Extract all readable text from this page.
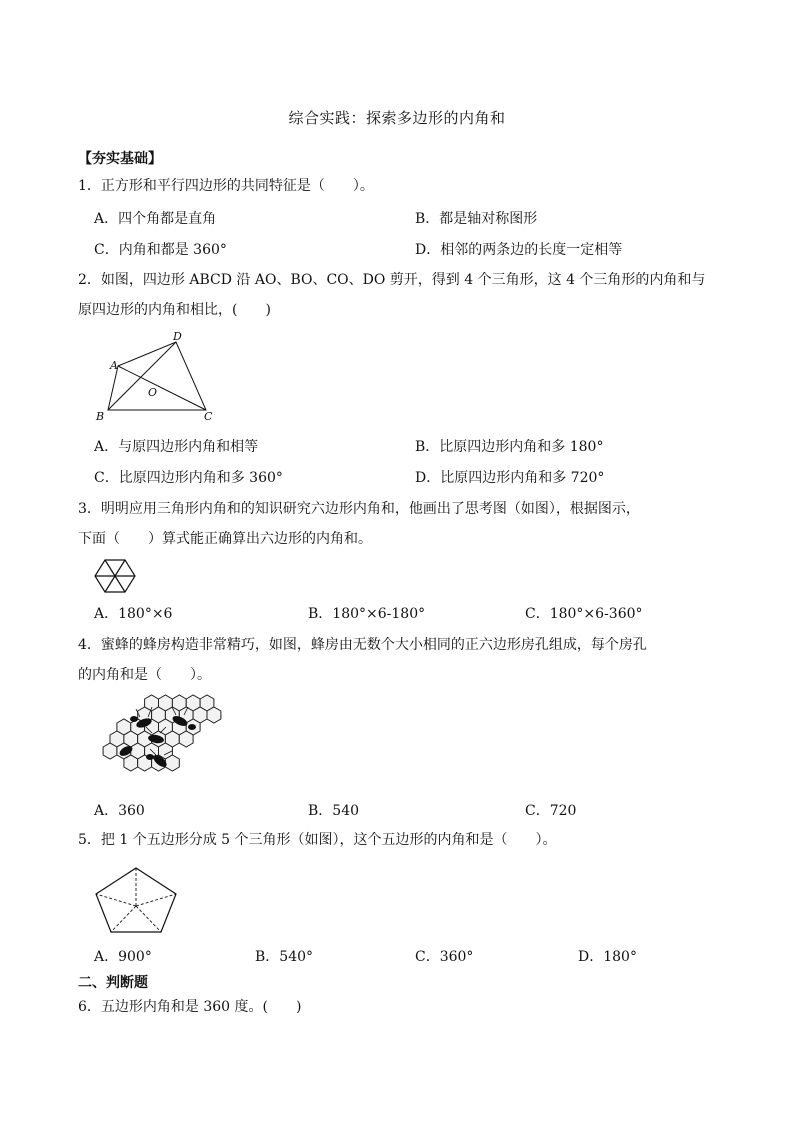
综合实践：探索多边形的内角和
【夯实基础】
1．正方形和平行四边形的共同特征是（　　）。
A．四个角都是直角	B．都是轴对称图形
C．内角和都是 360°	D．相邻的两条边的长度一定相等
2．如图，四边形 ABCD 沿 AO、BO、CO、DO 剪开，得到 4 个三角形，这 4 个三角形的内角和与
原四边形的内角和相比，(　　)
A
D
B	C
O
A．与原四边形内角和相等	B．比原四边形内角和多 180°
C．比原四边形内角和多 360°	D．比原四边形内角和多 720°
3．明明应用三角形内角和的知识研究六边形内角和，他画出了思考图（如图），根据图示，
下面（　　）算式能正确算出六边形的内角和。
A．180°×6	B．180°×6-180°	C．180°×6-360°
4．蜜蜂的蜂房构造非常精巧，如图，蜂房由无数个大小相同的正六边形房孔组成，每个房孔
的内角和是（　　）。
A．360	B．540	C．720
5．把 1 个五边形分成 5 个三角形（如图），这个五边形的内角和是（　　）。
A．900°	B．540°	C．360°	D．180°
二、判断题
6．五边形内角和是 360 度。(　　)
